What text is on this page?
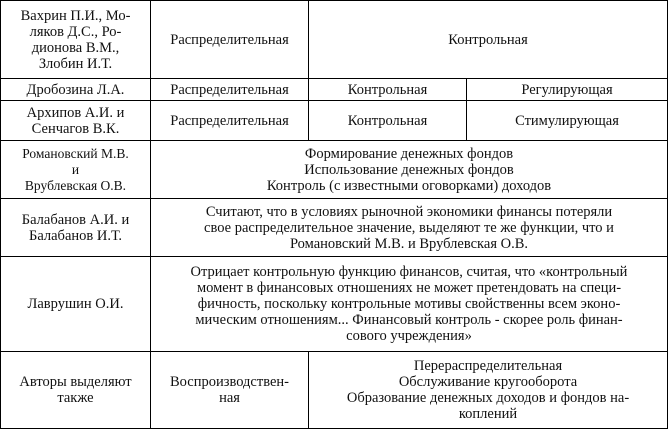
Вахрин П.И., Мо-
ляков Д.С., Ро-
дионова В.М.,
Злобин И.Т.	Распределительная	Контрольная	
Дробозина Л.А.	Распределительная	Контрольная	Регулирующая

Архипов А.И. и
Сенчагов В.К.	Распределительная	Контрольная	Стимулирующая

Романовский М.В.
и
Врублевская О.В.	Формирование денежных фондов
Использование денежных фондов
Контроль (с известными оговорками) доходов		

Балабанов А.И. и
Балабанов И.Т.	Считают, что в условиях рыночной экономики финансы потеряли
свое распределительное значение, выделяют те же функции, что и
Романовский М.В. и Врублевская О.В.		

Лаврушин О.И.	Отрицает контрольную функцию финансов, считая, что «контрольный
момент в финансовых отношениях не может претендовать на специ-
фичность, поскольку контрольные мотивы свойственны всем эконо-
мическим отношениям... Финансовый контроль - скорее роль финан-
сового учреждения»		

Авторы выделяют
также	Воспроизводствен-
ная	Перераспределительная
Обслуживание кругооборота
Образование денежных доходов и фондов на-
коплений	
